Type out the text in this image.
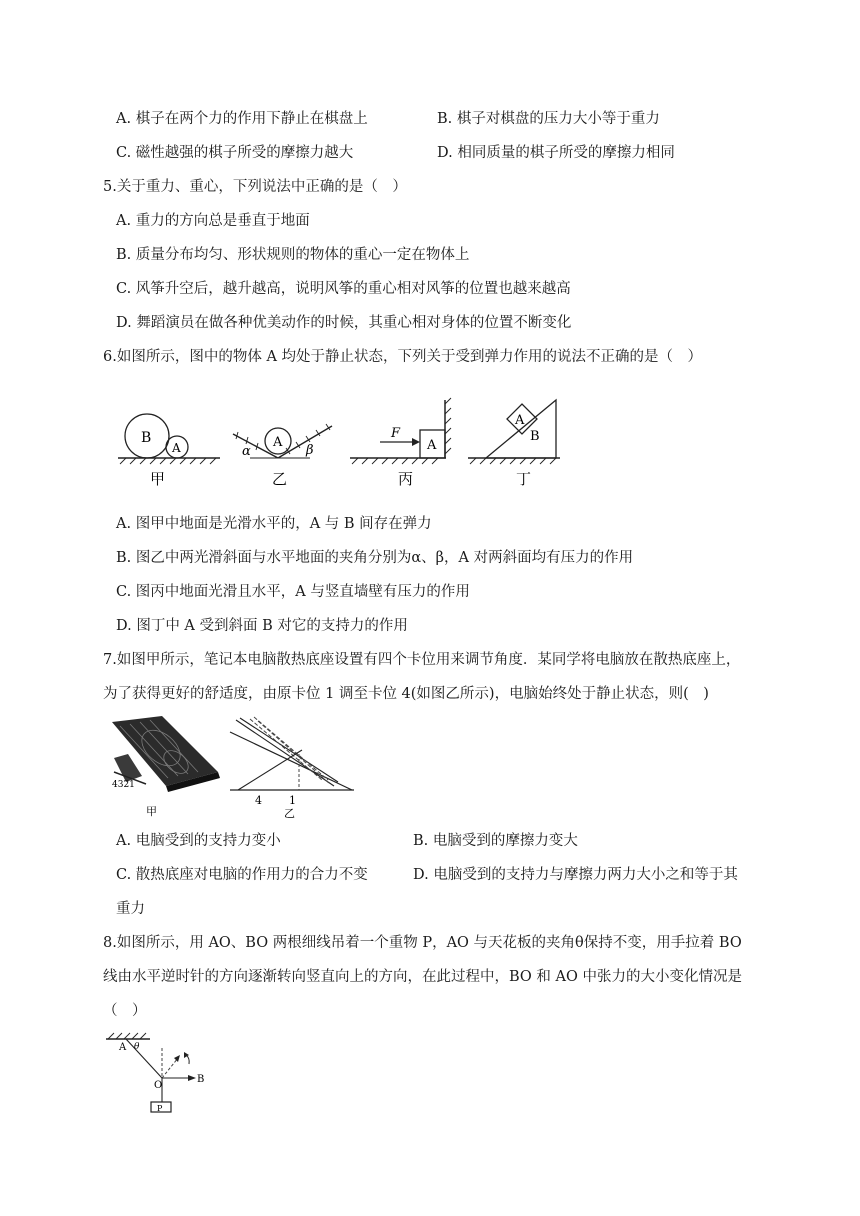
A. 棋子在两个力的作用下静止在棋盘上	B. 棋子对棋盘的压力大小等于重力
C. 磁性越强的棋子所受的摩擦力越大	D. 相同质量的棋子所受的摩擦力相同
5.关于重力、重心，下列说法中正确的是（　）
A. 重力的方向总是垂直于地面
B. 质量分布均匀、形状规则的物体的重心一定在物体上
C. 风筝升空后，越升越高，说明风筝的重心相对风筝的位置也越来越高
D. 舞蹈演员在做各种优美动作的时候，其重心相对身体的位置不断变化
6.如图所示，图中的物体 A 均处于静止状态，下列关于受到弹力作用的说法不正确的是（　）
B
A
甲
A
α	β
乙
F
A
丙
A
B
丁
A. 图甲中地面是光滑水平的，A 与 B 间存在弹力
B. 图乙中两光滑斜面与水平地面的夹角分别为α、β，A 对两斜面均有压力的作用
C. 图丙中地面光滑且水平，A 与竖直墙壁有压力的作用
D. 图丁中 A 受到斜面 B 对它的支持力的作用
7.如图甲所示，笔记本电脑散热底座设置有四个卡位用来调节角度．某同学将电脑放在散热底座上，
为了获得更好的舒适度，由原卡位 1 调至卡位 4(如图乙所示)，电脑始终处于静止状态，则(　)
4321
甲
4 1
乙
A. 电脑受到的支持力变小	B. 电脑受到的摩擦力变大
C. 散热底座对电脑的作用力的合力不变	D. 电脑受到的支持力与摩擦力两力大小之和等于其
重力
8.如图所示，用 AO、BO 两根细线吊着一个重物 P，AO 与天花板的夹角θ保持不变，用手拉着 BO
线由水平逆时针的方向逐渐转向竖直向上的方向，在此过程中，BO 和 AO 中张力的大小变化情况是
（　）
A θ
O
B
P
